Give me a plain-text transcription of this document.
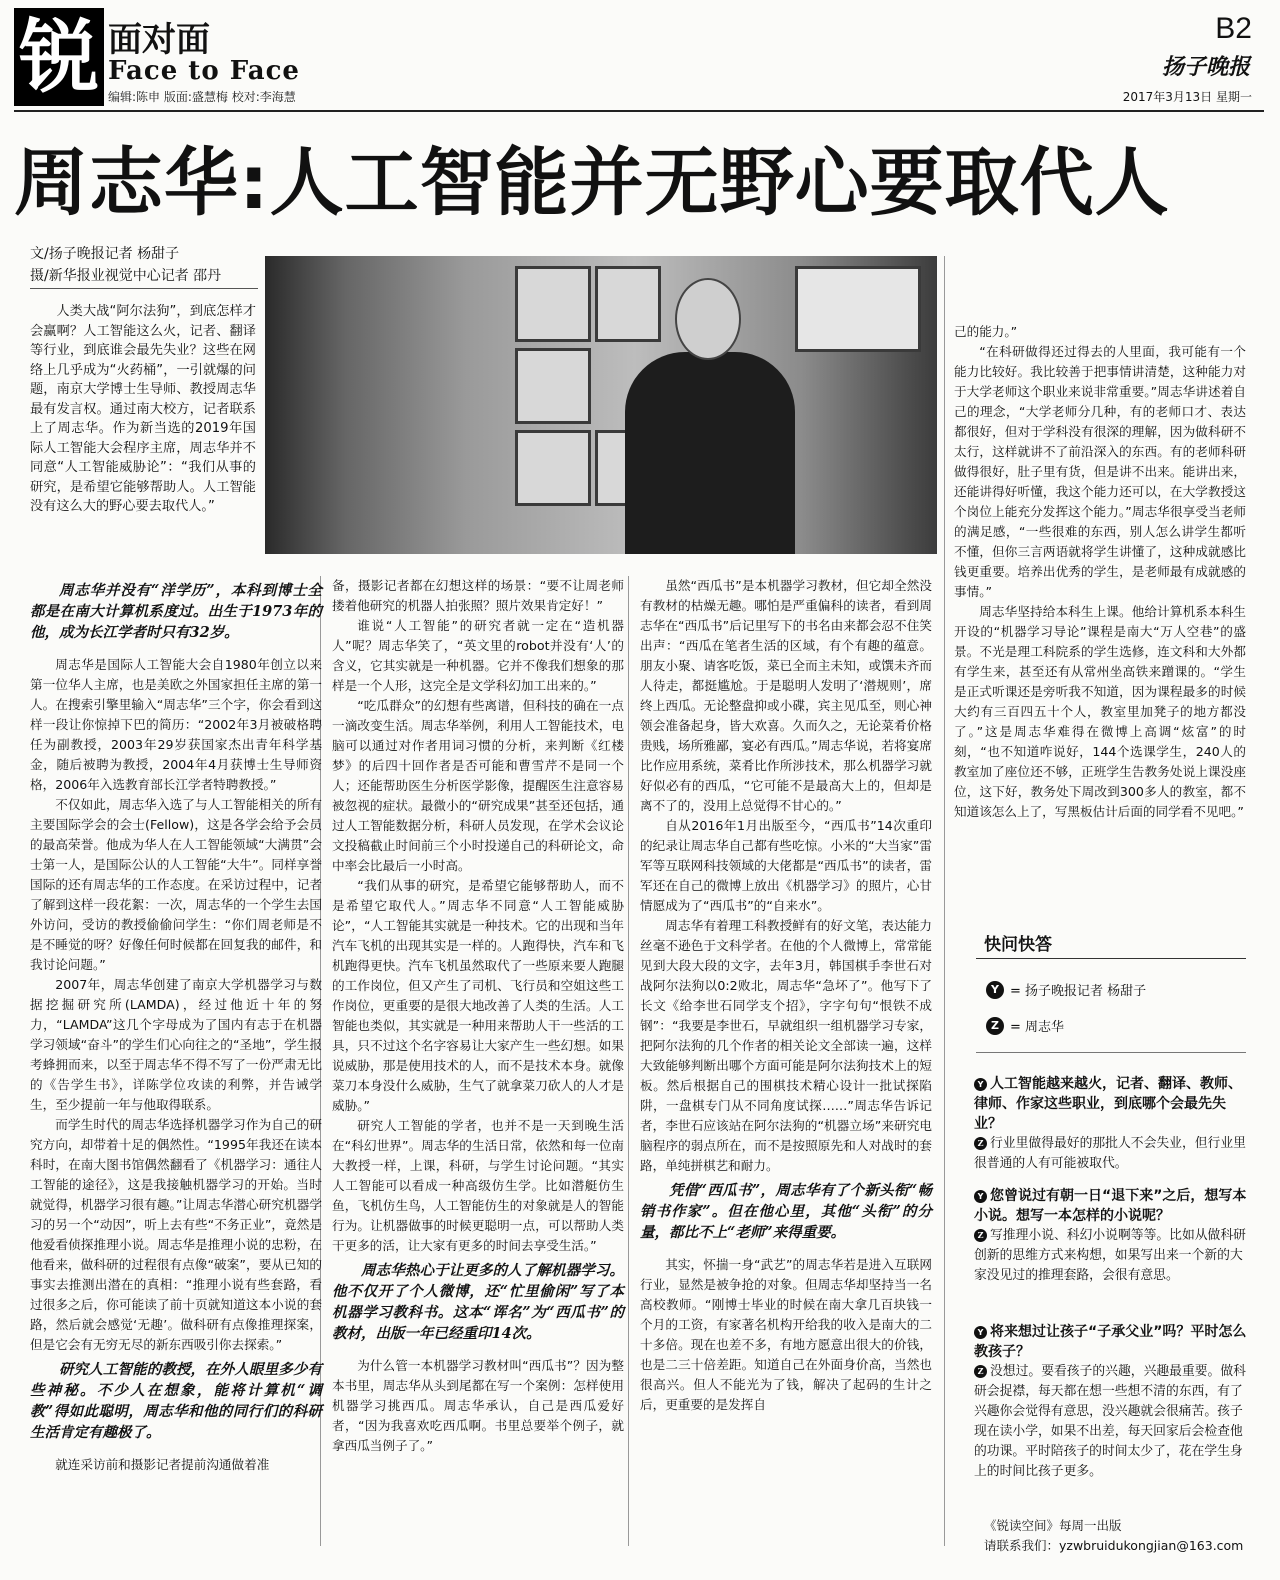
锐 面对面
Face to Face
编辑:陈申 版面:盛慧梅 校对:李海慧
B2
扬子晚报
2017年3月13日 星期一
周志华:人工智能并无野心要取代人
文/扬子晚报记者 杨甜子
摄/新华报业视觉中心记者 邵丹
人类大战“阿尔法狗”，到底怎样才会赢啊？人工智能这么火，记者、翻译等行业，到底谁会最先失业？这些在网络上几乎成为“火药桶”，一引就爆的问题，南京大学博士生导师、教授周志华最有发言权。通过南大校方，记者联系上了周志华。作为新当选的2019年国际人工智能大会程序主席，周志华并不同意“人工智能威胁论”：“我们从事的研究，是希望它能够帮助人。人工智能没有这么大的野心要去取代人。”

周志华并没有“洋学历”，本科到博士全都是在南大计算机系度过。出生于1973年的他，成为长江学者时只有32岁。

周志华是国际人工智能大会自1980年创立以来第一位华人主席，也是美欧之外国家担任主席的第一人。在搜索引擎里输入“周志华”三个字，你会看到这样一段让你惊掉下巴的简历：“2002年3月被破格聘任为副教授，2003年29岁获国家杰出青年科学基金，随后被聘为教授，2004年4月获博士生导师资格，2006年入选教育部长江学者特聘教授。”

不仅如此，周志华入选了与人工智能相关的所有主要国际学会的会士(Fellow)，这是各学会给予会员的最高荣誉。他成为华人在人工智能领域“大满贯”会士第一人，是国际公认的人工智能“大牛”。同样享誉国际的还有周志华的工作态度。在采访过程中，记者了解到这样一段花絮：一次，周志华的一个学生去国外访问，受访的教授偷偷问学生：“你们周老师是不是不睡觉的呀？好像任何时候都在回复我的邮件，和我讨论问题。”

2007年，周志华创建了南京大学机器学习与数据挖掘研究所(LAMDA)，经过他近十年的努力，“LAMDA”这几个字母成为了国内有志于在机器学习领域“奋斗”的学生们心向往之的“圣地”，学生报考蜂拥而来，以至于周志华不得不写了一份严肃无比的《告学生书》，详陈学位攻读的利弊，并告诫学生，至少提前一年与他取得联系。

而学生时代的周志华选择机器学习作为自己的研究方向，却带着十足的偶然性。“1995年我还在读本科时，在南大图书馆偶然翻看了《机器学习：通往人工智能的途径》，这是我接触机器学习的开始。当时就觉得，机器学习很有趣。”让周志华潜心研究机器学习的另一个“动因”，听上去有些“不务正业”，竟然是他爱看侦探推理小说。周志华是推理小说的忠粉，在他看来，做科研的过程很有点像“破案”，要从已知的事实去推测出潜在的真相：“推理小说有些套路，看过很多之后，你可能读了前十页就知道这本小说的套路，然后就会感觉‘无趣’。做科研有点像推理探案，但是它会有无穷无尽的新东西吸引你去探索。”

研究人工智能的教授，在外人眼里多少有些神秘。不少人在想象，能将计算机“调教”得如此聪明，周志华和他的同行们的科研生活肯定有趣极了。

就连采访前和摄影记者提前沟通做着准

备，摄影记者都在幻想这样的场景：“要不让周老师搂着他研究的机器人拍张照？照片效果肯定好！”

谁说“人工智能”的研究者就一定在“造机器人”呢？周志华笑了，“英文里的robot并没有‘人’的含义，它其实就是一种机器。它并不像我们想象的那样是一个人形，这完全是文学科幻加工出来的。”

“吃瓜群众”的幻想有些离谱，但科技的确在一点一滴改变生活。周志华举例，利用人工智能技术，电脑可以通过对作者用词习惯的分析，来判断《红楼梦》的后四十回作者是否可能和曹雪芹不是同一个人；还能帮助医生分析医学影像，提醒医生注意容易被忽视的症状。最微小的“研究成果”甚至还包括，通过人工智能数据分析，科研人员发现，在学术会议论文投稿截止时间前三个小时投递自己的科研论文，命中率会比最后一小时高。

“我们从事的研究，是希望它能够帮助人，而不是希望它取代人。”周志华不同意“人工智能威胁论”，“人工智能其实就是一种技术。它的出现和当年汽车飞机的出现其实是一样的。人跑得快，汽车和飞机跑得更快。汽车飞机虽然取代了一些原来要人跑腿的工作岗位，但又产生了司机、飞行员和空姐这些工作岗位，更重要的是很大地改善了人类的生活。人工智能也类似，其实就是一种用来帮助人干一些活的工具，只不过这个名字容易让大家产生一些幻想。如果说威胁，那是使用技术的人，而不是技术本身。就像菜刀本身没什么威胁，生气了就拿菜刀砍人的人才是威胁。”

研究人工智能的学者，也并不是一天到晚生活在“科幻世界”。周志华的生活日常，依然和每一位南大教授一样，上课，科研，与学生讨论问题。“其实人工智能可以看成一种高级仿生学。比如潜艇仿生鱼，飞机仿生鸟，人工智能仿生的对象就是人的智能行为。让机器做事的时候更聪明一点，可以帮助人类干更多的活，让大家有更多的时间去享受生活。”

周志华热心于让更多的人了解机器学习。他不仅开了个人微博，还“忙里偷闲”写了本机器学习教科书。这本“诨名”为“西瓜书”的教材，出版一年已经重印14次。

为什么管一本机器学习教材叫“西瓜书”？因为整本书里，周志华从头到尾都在写一个案例：怎样使用机器学习挑西瓜。周志华承认，自己是西瓜爱好者，“因为我喜欢吃西瓜啊。书里总要举个例子，就拿西瓜当例子了。”

虽然“西瓜书”是本机器学习教材，但它却全然没有教材的枯燥无趣。哪怕是严重偏科的读者，看到周志华在“西瓜书”后记里写下的书名由来都会忍不住笑出声：“西瓜在笔者生活的区域，有个有趣的蕴意。朋友小聚、请客吃饭，菜已全而主未知，或馔未齐而人待走，都挺尴尬。于是聪明人发明了‘潜规则’，席终上西瓜。无论整盘抑或小碟，宾主见瓜至，则心神领会准备起身，皆大欢喜。久而久之，无论菜肴价格贵贱，场所雅鄙，宴必有西瓜。”周志华说，若将宴席比作应用系统，菜肴比作所涉技术，那么机器学习就好似必有的西瓜，“它可能不是最高大上的，但却是离不了的，没用上总觉得不甘心的。”

自从2016年1月出版至今，“西瓜书”14次重印的纪录让周志华自己都有些吃惊。小米的“大当家”雷军等互联网科技领域的大佬都是“西瓜书”的读者，雷军还在自己的微博上放出《机器学习》的照片，心甘情愿成为了“西瓜书”的“自来水”。

周志华有着理工科教授鲜有的好文笔，表达能力丝毫不逊色于文科学者。在他的个人微博上，常常能见到大段大段的文字，去年3月，韩国棋手李世石对战阿尔法狗以0:2败北，周志华“急坏了”。他写下了长文《给李世石同学支个招》，字字句句“恨铁不成钢”：“我要是李世石，早就组织一组机器学习专家，把阿尔法狗的几个作者的相关论文全部读一遍，这样大致能够判断出哪个方面可能是阿尔法狗技术上的短板。然后根据自己的围棋技术精心设计一批试探陷阱，一盘棋专门从不同角度试探……”周志华告诉记者，李世石应该站在阿尔法狗的“机器立场”来研究电脑程序的弱点所在，而不是按照原先和人对战时的套路，单纯拼棋艺和耐力。

凭借“西瓜书”，周志华有了个新头衔“畅销书作家”。但在他心里，其他“头衔”的分量，都比不上“老师”来得重要。

其实，怀揣一身“武艺”的周志华若是进入互联网行业，显然是被争抢的对象。但周志华却坚持当一名高校教师。“刚博士毕业的时候在南大拿几百块钱一个月的工资，有家著名机构开给我的收入是南大的二十多倍。现在也差不多，有地方愿意出很大的价钱，也是二三十倍差距。知道自己在外面身价高，当然也很高兴。但人不能光为了钱，解决了起码的生计之后，更重要的是发挥自

己的能力。”

“在科研做得还过得去的人里面，我可能有一个能力比较好。我比较善于把事情讲清楚，这种能力对于大学老师这个职业来说非常重要。”周志华讲述着自己的理念，“大学老师分几种，有的老师口才、表达都很好，但对于学科没有很深的理解，因为做科研不太行，这样就讲不了前沿深入的东西。有的老师科研做得很好，肚子里有货，但是讲不出来。能讲出来，还能讲得好听懂，我这个能力还可以，在大学教授这个岗位上能充分发挥这个能力。”周志华很享受当老师的满足感，“一些很难的东西，别人怎么讲学生都听不懂，但你三言两语就将学生讲懂了，这种成就感比钱更重要。培养出优秀的学生，是老师最有成就感的事情。”

周志华坚持给本科生上课。他给计算机系本科生开设的“机器学习导论”课程是南大“万人空巷”的盛景。不光是理工科院系的学生选修，连文科和大外都有学生来，甚至还有从常州坐高铁来蹭课的。“学生是正式听课还是旁听我不知道，因为课程最多的时候大约有三百四五十个人，教室里加凳子的地方都没了。”这是周志华难得在微博上高调“炫富”的时刻，“也不知道咋说好，144个选课学生，240人的教室加了座位还不够，正班学生告教务处说上课没座位，这下好，教务处下周改到300多人的教室，都不知道该怎么上了，写黑板估计后面的同学看不见吧。”

快问快答
Y = 扬子晚报记者 杨甜子
Z = 周志华

Y 人工智能越来越火，记者、翻译、教师、律师、作家这些职业，到底哪个会最先失业？

Z 行业里做得最好的那批人不会失业，但行业里很普通的人有可能被取代。

Y 您曾说过有朝一日“退下来”之后，想写本小说。想写一本怎样的小说呢？

Z 写推理小说、科幻小说啊等等。比如从做科研创新的思维方式来构想，如果写出来一个新的大家没见过的推理套路，会很有意思。

Y 将来想过让孩子“子承父业”吗？平时怎么教孩子？

Z 没想过。要看孩子的兴趣，兴趣最重要。做科研会捉襟，每天都在想一些想不清的东西，有了兴趣你会觉得有意思，没兴趣就会很痛苦。孩子现在读小学，如果不出差，每天回家后会检查他的功课。平时陪孩子的时间太少了，花在学生身上的时间比孩子更多。

《锐读空间》每周一出版
请联系我们：yzwbruidukongjian@163.com
